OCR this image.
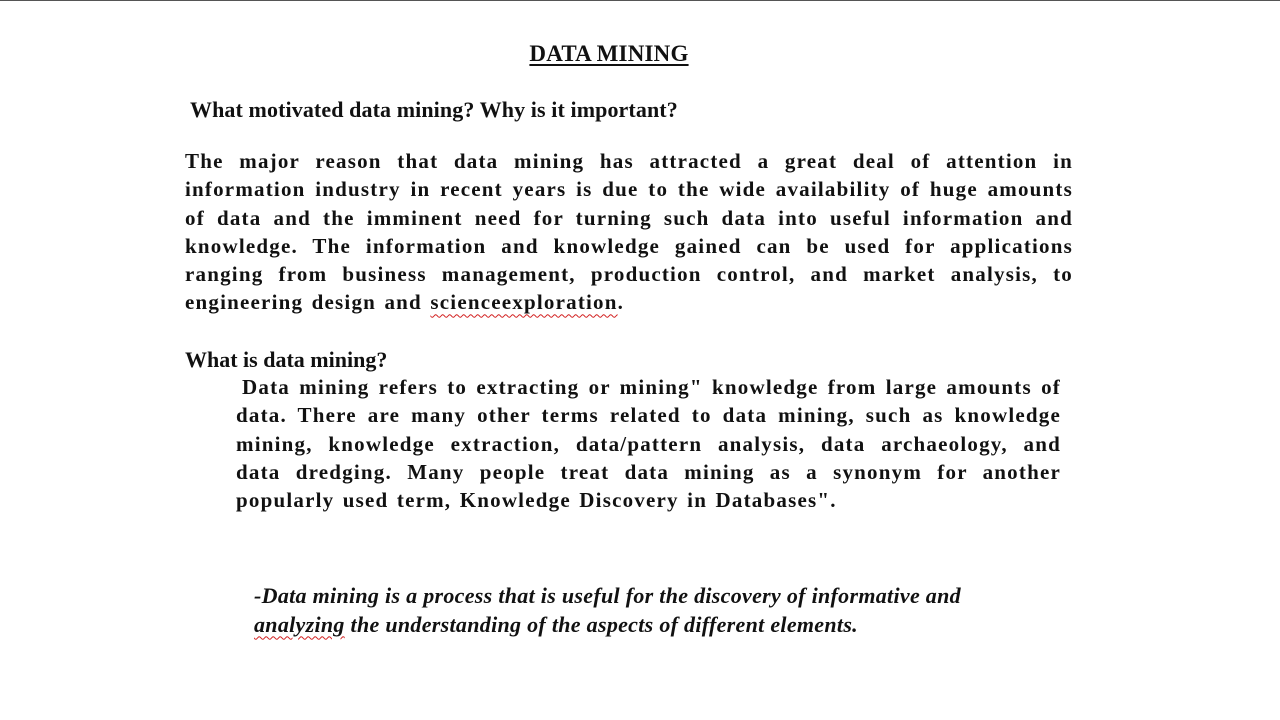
DATA MINING
What motivated data mining? Why is it important?
The major reason that data mining has attracted a great deal of attention in information industry in recent years is due to the wide availability of huge amounts of data and the imminent need for turning such data into useful information and knowledge. The information and knowledge gained can be used for applications ranging from business management, production control, and market analysis, to engineering design and scienceexploration.
What is data mining?
Data mining refers to extracting or mining" knowledge from large amounts of data. There are many other terms related to data mining, such as knowledge mining, knowledge extraction, data/pattern analysis, data archaeology, and data dredging. Many people treat data mining as a synonym for another popularly used term, Knowledge Discovery in Databases".
-Data mining is a process that is useful for the discovery of informative and analyzing the understanding of the aspects of different elements.
